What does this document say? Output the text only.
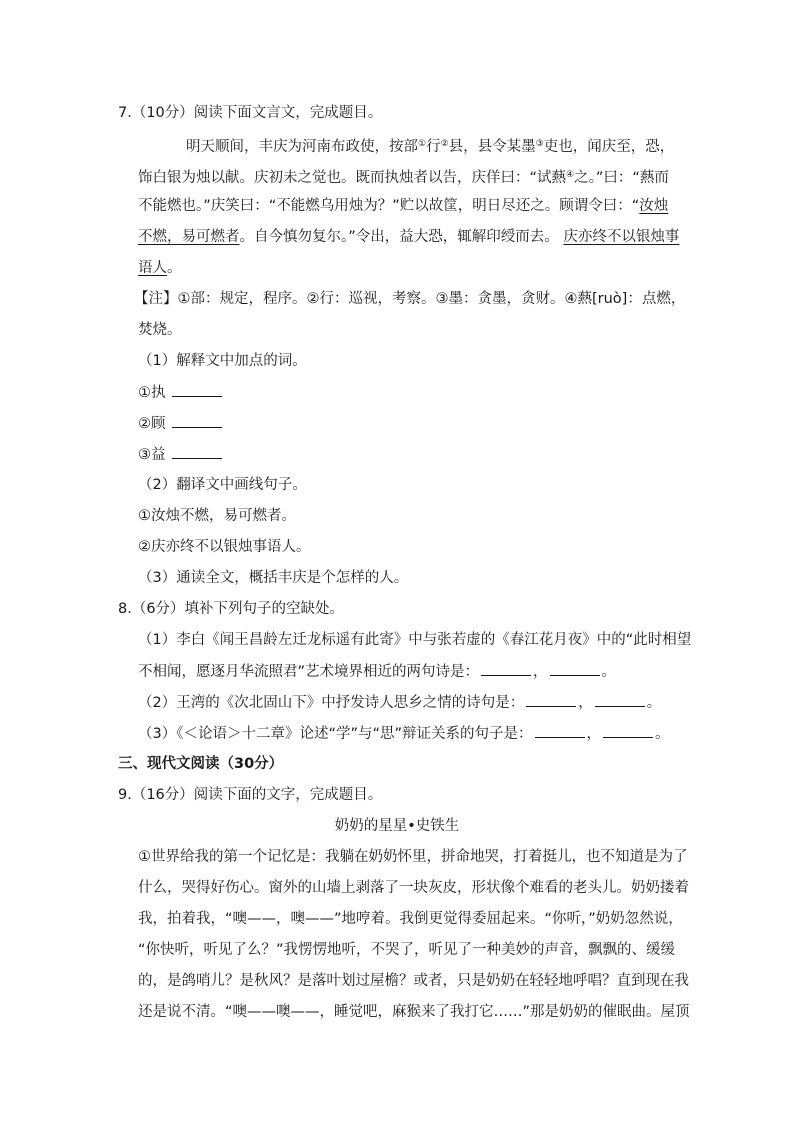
7.（10分）阅读下面文言文，完成题目。

明天顺间，丰庆为河南布政使，按部①行②县，县令某墨③吏也，闻庆至，恐，

饰白银为烛以献。庆初未之觉也。既而执烛者以告，庆佯曰：“试爇④之。”曰：“爇而

不能燃也。”庆笑曰：“不能燃乌用烛为？”贮以故筐，明日尽还之。顾谓令曰：“汝烛

不燃，易可燃者。自今慎勿复尔。”令出，益大恐，辄解印绶而去。 庆亦终不以银烛事

语人。

【注】①部：规定，程序。②行：巡视，考察。③墨：贪墨，贪财。④爇[ruò]：点燃，

焚烧。

（1）解释文中加点的词。

①执

②顾

③益

（2）翻译文中画线句子。

①汝烛不燃，易可燃者。

②庆亦终不以银烛事语人。

（3）通读全文，概括丰庆是个怎样的人。

8.（6分）填补下列句子的空缺处。

（1）李白《闻王昌龄左迁龙标遥有此寄》中与张若虚的《春江花月夜》中的“此时相望

不相闻，愿逐月华流照君”艺术境界相近的两句诗是：	，	。

（2）王湾的《次北固山下》中抒发诗人思乡之情的诗句是：	，	。

（3）《＜论语＞十二章》论述“学”与“思”辩证关系的句子是：	，	。

三、现代文阅读（30分）

9.（16分）阅读下面的文字，完成题目。

奶奶的星星•史铁生

①世界给我的第一个记忆是：我躺在奶奶怀里，拼命地哭，打着挺儿，也不知道是为了

什么，哭得好伤心。窗外的山墙上剥落了一块灰皮，形状像个难看的老头儿。奶奶搂着

我，拍着我，“噢——，噢——”地哼着。我倒更觉得委屈起来。“你听，”奶奶忽然说，

“你快听，听见了么？”我愣愣地听，不哭了，听见了一种美妙的声音，飘飘的、缓缓

的，是鸽哨儿？是秋风？是落叶划过屋檐？或者，只是奶奶在轻轻地呼唱？直到现在我

还是说不清。“噢——噢——，睡觉吧，麻猴来了我打它……”那是奶奶的催眠曲。屋顶
